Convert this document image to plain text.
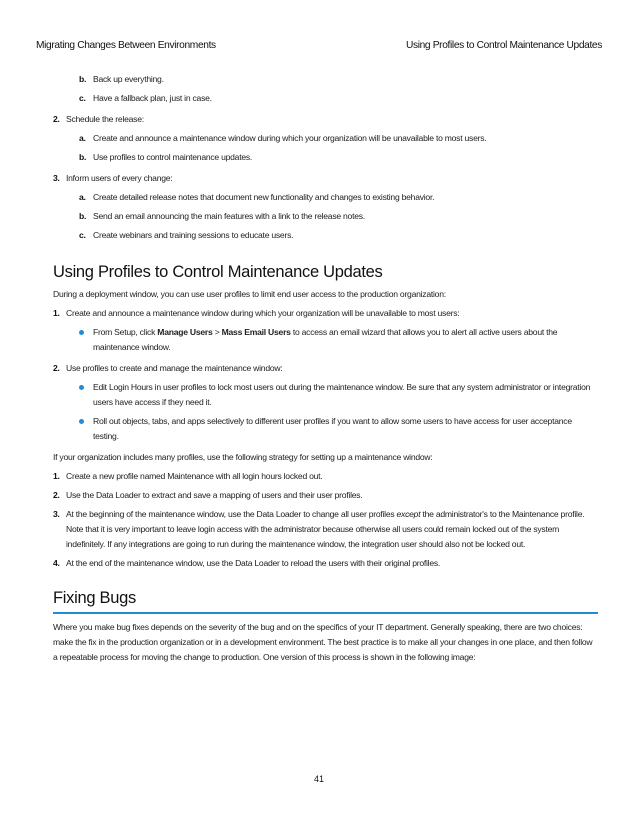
Migrating Changes Between Environments	Using Profiles to Control Maintenance Updates
b. Back up everything.
c. Have a fallback plan, just in case.
2. Schedule the release:
a. Create and announce a maintenance window during which your organization will be unavailable to most users.
b. Use profiles to control maintenance updates.
3. Inform users of every change:
a. Create detailed release notes that document new functionality and changes to existing behavior.
b. Send an email announcing the main features with a link to the release notes.
c. Create webinars and training sessions to educate users.
Using Profiles to Control Maintenance Updates
During a deployment window, you can use user profiles to limit end user access to the production organization:
1. Create and announce a maintenance window during which your organization will be unavailable to most users:
From Setup, click Manage Users > Mass Email Users to access an email wizard that allows you to alert all active users about the maintenance window.
2. Use profiles to create and manage the maintenance window:
Edit Login Hours in user profiles to lock most users out during the maintenance window. Be sure that any system administrator or integration users have access if they need it.
Roll out objects, tabs, and apps selectively to different user profiles if you want to allow some users to have access for user acceptance testing.
If your organization includes many profiles, use the following strategy for setting up a maintenance window:
1. Create a new profile named Maintenance with all login hours locked out.
2. Use the Data Loader to extract and save a mapping of users and their user profiles.
3. At the beginning of the maintenance window, use the Data Loader to change all user profiles except the administrator's to the Maintenance profile. Note that it is very important to leave login access with the administrator because otherwise all users could remain locked out of the system indefinitely. If any integrations are going to run during the maintenance window, the integration user should also not be locked out.
4. At the end of the maintenance window, use the Data Loader to reload the users with their original profiles.
Fixing Bugs
Where you make bug fixes depends on the severity of the bug and on the specifics of your IT department. Generally speaking, there are two choices: make the fix in the production organization or in a development environment. The best practice is to make all your changes in one place, and then follow a repeatable process for moving the change to production. One version of this process is shown in the following image:
41
